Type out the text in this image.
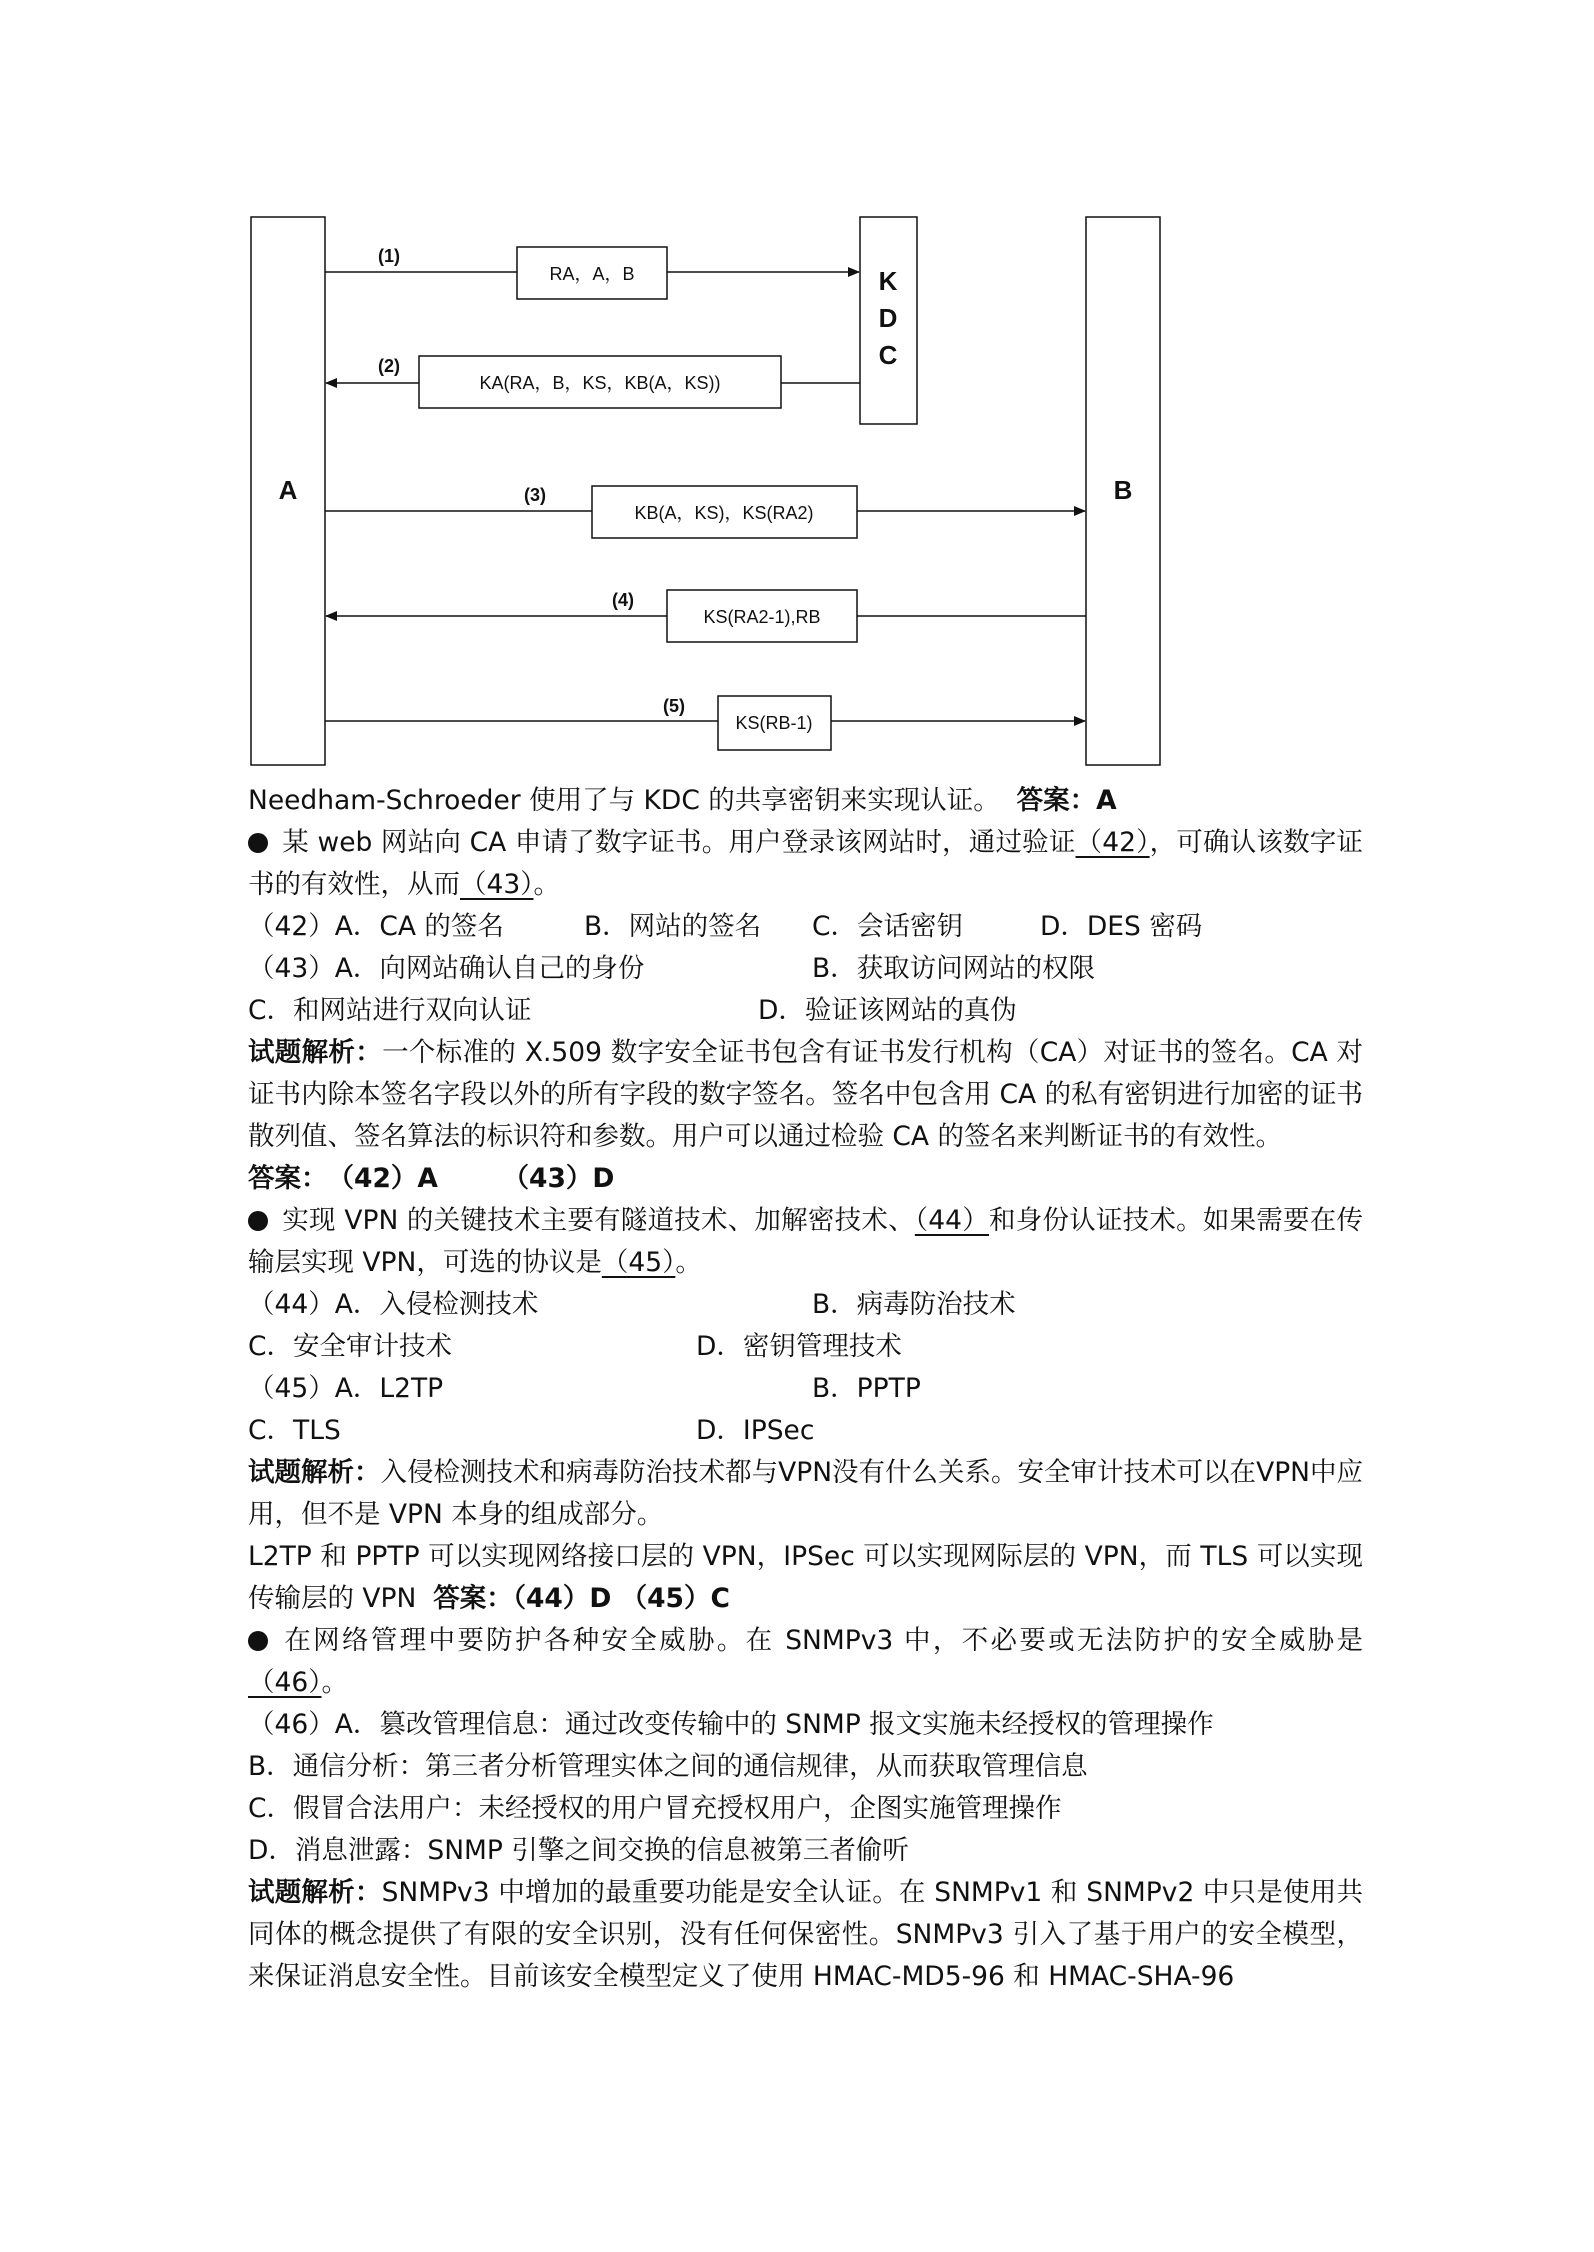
A
K
D
C
B
(1)
RA，A，B
(2)
KA(RA，B，KS，KB(A，KS))
(3)
KB(A，KS)，KS(RA2)
(4)
KS(RA2-1),RB
(5)
KS(RB-1)

Needham-Schroeder 使用了与 KDC 的共享密钥来实现认证。 答案：A

某 web 网站向 CA 申请了数字证书。用户登录该网站时，通过验证（42），可确认该数字证书的有效性，从而（43）。

（42）A．CA 的签名	B．网站的签名 C．会话密钥	D．DES 密码

（43）A．向网站确认自己的身份	B．获取访问网站的权限

C．和网站进行双向认证	D．验证该网站的真伪

试题解析：一个标准的 X.509 数字安全证书包含有证书发行机构（CA）对证书的签名。CA 对证书内除本签名字段以外的所有字段的数字签名。签名中包含用 CA 的私有密钥进行加密的证书散列值、签名算法的标识符和参数。用户可以通过检验 CA 的签名来判断证书的有效性。

答案：（42）A （43）D

实现 VPN 的关键技术主要有隧道技术、加解密技术、（44）和身份认证技术。如果需要在传输层实现 VPN，可选的协议是（45）。

（44）A．入侵检测技术	B．病毒防治技术

C．安全审计技术	D．密钥管理技术

（45）A．L2TP	B．PPTP

C．TLS	D．IPSec

试题解析：入侵检测技术和病毒防治技术都与VPN没有什么关系。安全审计技术可以在VPN中应用，但不是 VPN 本身的组成部分。

L2TP 和 PPTP 可以实现网络接口层的 VPN，IPSec 可以实现网际层的 VPN，而 TLS 可以实现传输层的 VPN 答案：（44）D （45）C

在网络管理中要防护各种安全威胁。在 SNMPv3 中，不必要或无法防护的安全威胁是（46）。

（46）A．篡改管理信息：通过改变传输中的 SNMP 报文实施未经授权的管理操作

B．通信分析：第三者分析管理实体之间的通信规律，从而获取管理信息

C．假冒合法用户：未经授权的用户冒充授权用户，企图实施管理操作

D．消息泄露：SNMP 引擎之间交换的信息被第三者偷听

试题解析：SNMPv3 中增加的最重要功能是安全认证。在 SNMPv1 和 SNMPv2 中只是使用共同体的概念提供了有限的安全识别，没有任何保密性。SNMPv3 引入了基于用户的安全模型，来保证消息安全性。目前该安全模型定义了使用 HMAC-MD5-96 和 HMAC-SHA-96
